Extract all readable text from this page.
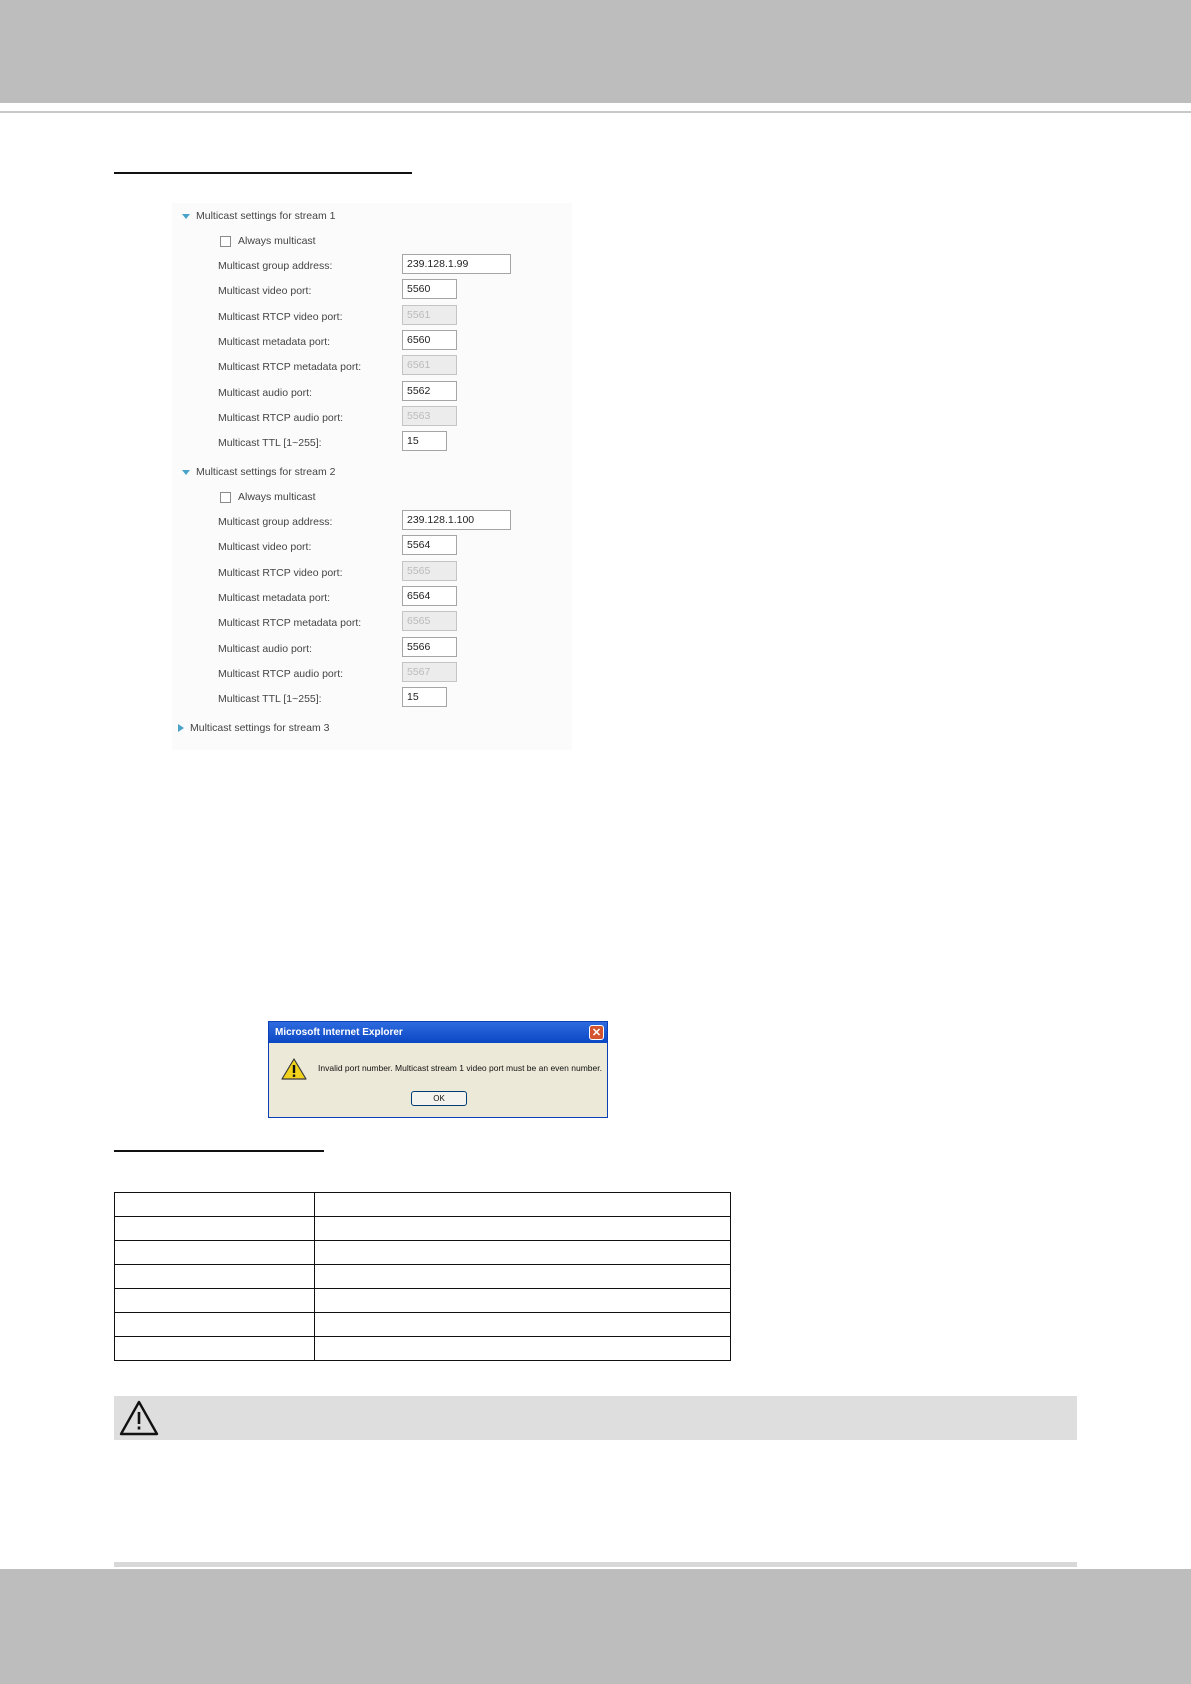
Multicast settings for stream 1
Always multicast
Multicast group address:	239.128.1.99
Multicast video port:	5560
Multicast RTCP video port:	5561
Multicast metadata port:	6560
Multicast RTCP metadata port:	6561
Multicast audio port:	5562
Multicast RTCP audio port:	5563
Multicast TTL [1~255]:	15
Multicast settings for stream 2
Always multicast
Multicast group address:	239.128.1.100
Multicast video port:	5564
Multicast RTCP video port:	5565
Multicast metadata port:	6564
Multicast RTCP metadata port:	6565
Multicast audio port:	5566
Multicast RTCP audio port:	5567
Multicast TTL [1~255]:	15
Multicast settings for stream 3
Microsoft Internet Explorer	✕
Invalid port number. Multicast stream 1 video port must be an even number.
OK
